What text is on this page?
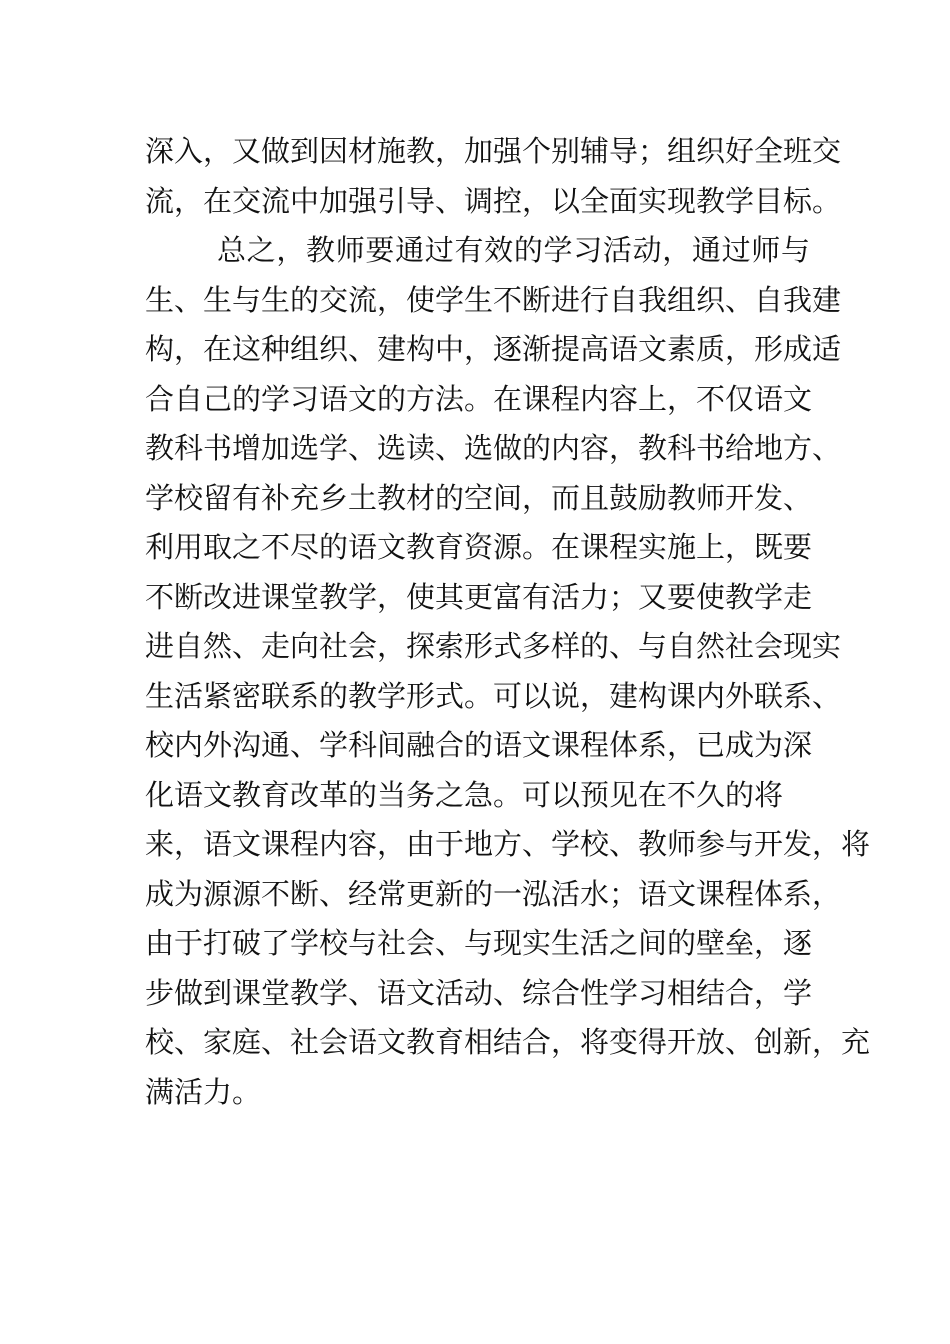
深入，又做到因材施教，加强个别辅导；组织好全班交
流，在交流中加强引导、调控，以全面实现教学目标。
总之，教师要通过有效的学习活动，通过师与
生、生与生的交流，使学生不断进行自我组织、自我建
构，在这种组织、建构中，逐渐提高语文素质，形成适
合自己的学习语文的方法。在课程内容上，不仅语文
教科书增加选学、选读、选做的内容，教科书给地方、
学校留有补充乡土教材的空间，而且鼓励教师开发、
利用取之不尽的语文教育资源。在课程实施上，既要
不断改进课堂教学，使其更富有活力；又要使教学走
进自然、走向社会，探索形式多样的、与自然社会现实
生活紧密联系的教学形式。可以说，建构课内外联系、
校内外沟通、学科间融合的语文课程体系，已成为深
化语文教育改革的当务之急。可以预见在不久的将
来，语文课程内容，由于地方、学校、教师参与开发，将
成为源源不断、经常更新的一泓活水；语文课程体系，
由于打破了学校与社会、与现实生活之间的壁垒，逐
步做到课堂教学、语文活动、综合性学习相结合，学
校、家庭、社会语文教育相结合，将变得开放、创新，充
满活力。
